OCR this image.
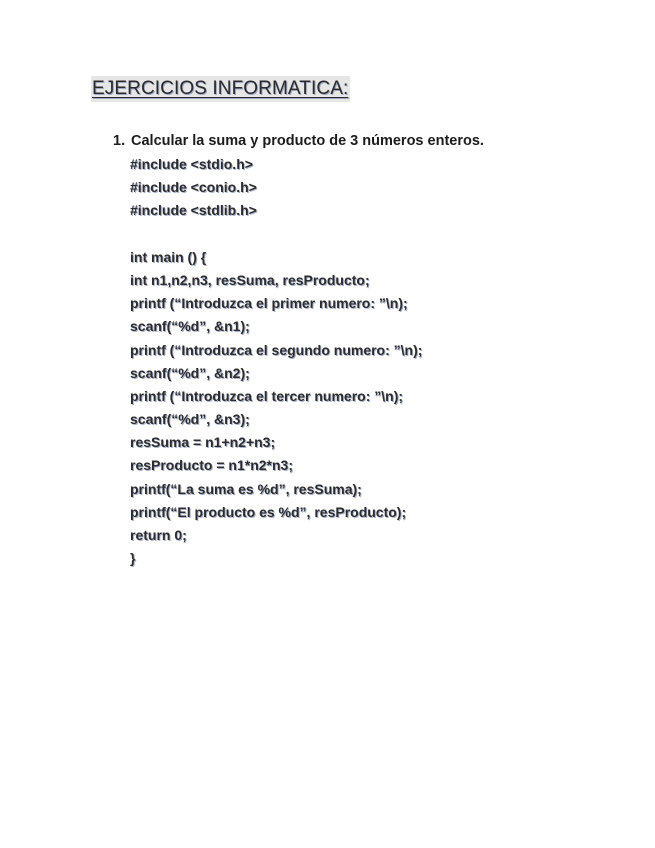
EJERCICIOS INFORMATICA:
1. Calcular la suma y producto de 3 números enteros.
#include <stdio.h>
#include <conio.h>
#include <stdlib.h>
int main () {
int n1,n2,n3, resSuma, resProducto;
printf (“Introduzca el primer numero: ”\n);
scanf(“%d”, &n1);
printf (“Introduzca el segundo numero: ”\n);
scanf(“%d”, &n2);
printf (“Introduzca el tercer numero: ”\n);
scanf(“%d”, &n3);
resSuma = n1+n2+n3;
resProducto = n1*n2*n3;
printf(“La suma es %d”, resSuma);
printf(“El producto es %d”, resProducto);
return 0;
}
